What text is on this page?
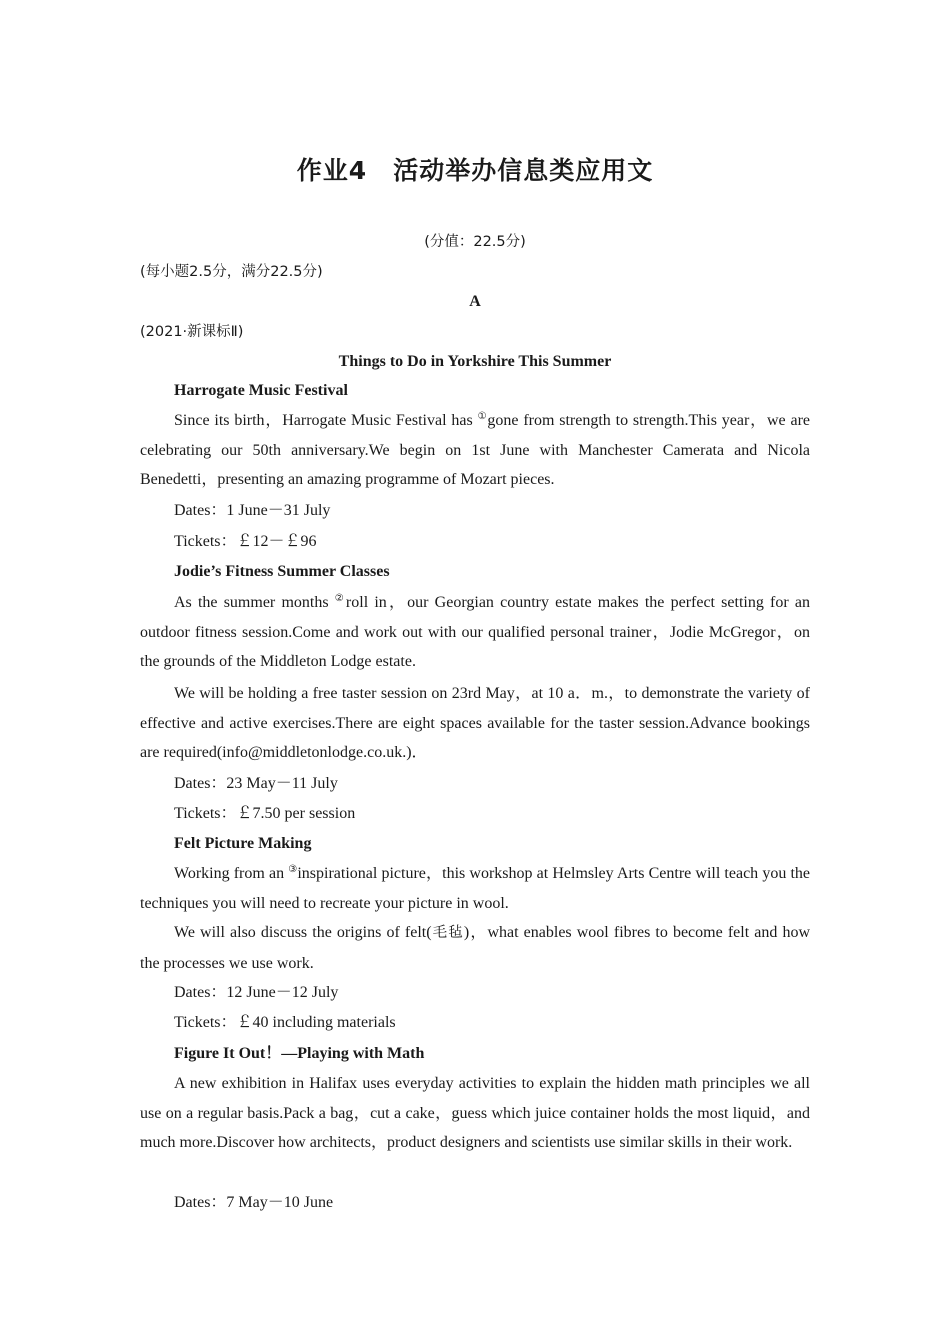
作业4　活动举办信息类应用文
(分值：22.5分)
(每小题2.5分，满分22.5分)
A
(2021·新课标Ⅱ)
Things to Do in Yorkshire This Summer
Harrogate Music Festival
Since its birth，Harrogate Music Festival has ①gone from strength to strength.This year，we are celebrating our 50th anniversary.We begin on 1st June with Manchester Camerata and Nicola Benedetti，presenting an amazing programme of Mozart pieces.
Dates：1 June－31 July
Tickets：￡12－￡96
Jodie’s Fitness Summer Classes
As the summer months ②roll in，our Georgian country estate makes the perfect setting for an outdoor fitness session.Come and work out with our qualified personal trainer，Jodie McGregor，on the grounds of the Middleton Lodge estate.
We will be holding a free taster session on 23rd May，at 10 a．m.，to demonstrate the variety of effective and active exercises.There are eight spaces available for the taster session.Advance bookings are required(info@middletonlodge.co.uk.)．
Dates：23 May－11 July
Tickets：￡7.50 per session
Felt Picture Making
Working from an ③inspirational picture，this workshop at Helmsley Arts Centre will teach you the techniques you will need to recreate your picture in wool.
We will also discuss the origins of felt(毛毡)，what enables wool fibres to become felt and how the processes we use work.
Dates：12 June－12 July
Tickets：￡40 including materials
Figure It Out！—Playing with Math
A new exhibition in Halifax uses everyday activities to explain the hidden math principles we all use on a regular basis.Pack a bag，cut a cake，guess which juice container holds the most liquid，and much more.Discover how architects，product designers and scientists use similar skills in their work.
Dates：7 May－10 June
